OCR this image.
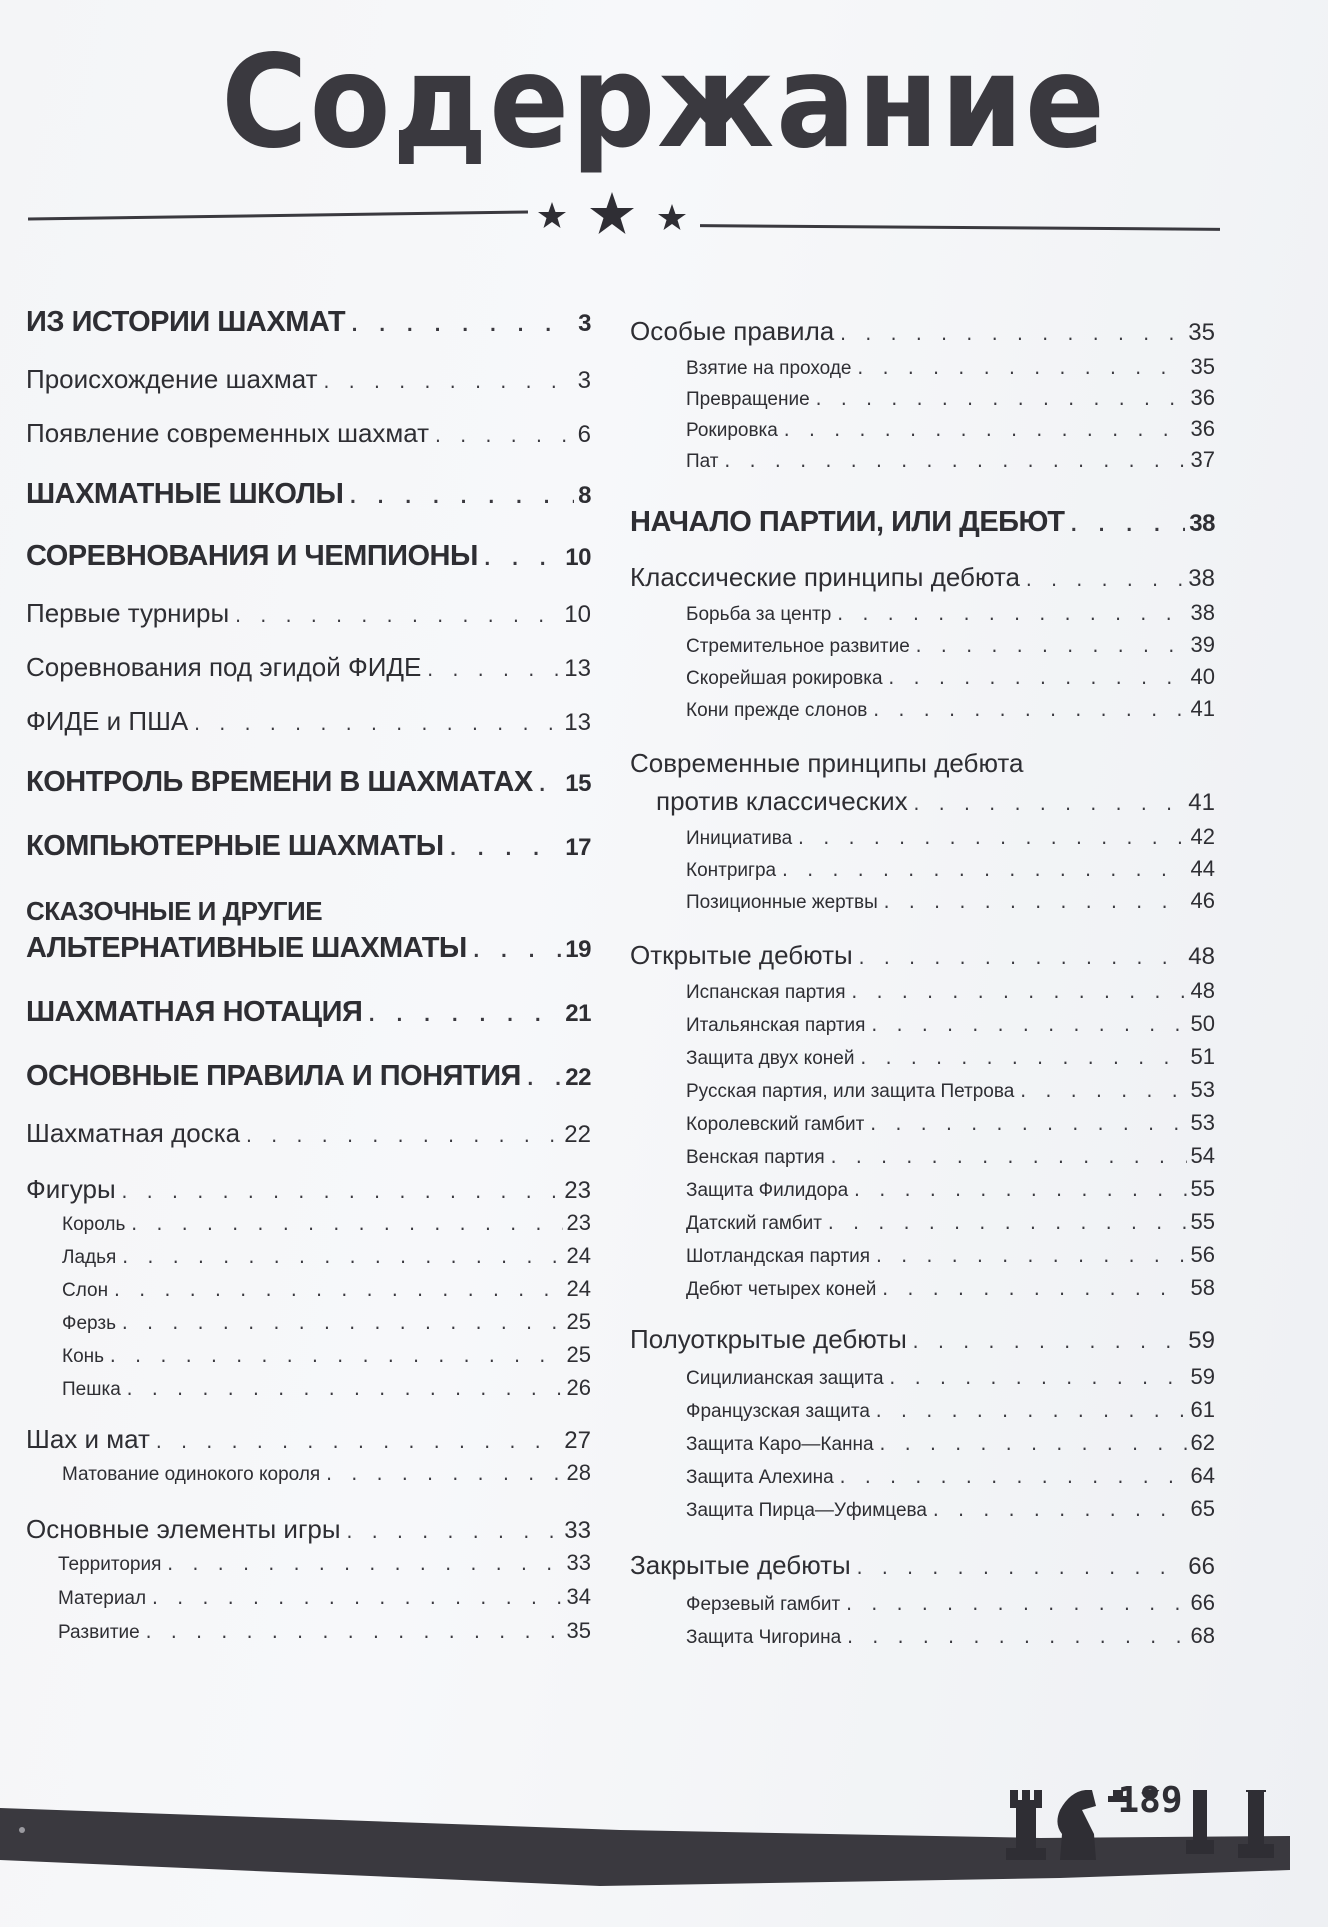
Содержание
ИЗ ИСТОРИИ ШАХМАТ . . .	3
Происхождение шахмат . . .	3
Появление современных шахмат . . .	6
ШАХМАТНЫЕ ШКОЛЫ . . .	8
СОРЕВНОВАНИЯ И ЧЕМПИОНЫ . . .	10
Первые турниры . . .	10
Соревнования под эгидой ФИДЕ . . .	13
ФИДЕ и ПША . . .	13
КОНТРОЛЬ ВРЕМЕНИ В ШАХМАТАХ . . . 15
КОМПЬЮТЕРНЫЕ ШАХМАТЫ . . .	17
СКАЗОЧНЫЕ И ДРУГИЕ
АЛЬТЕРНАТИВНЫЕ ШАХМАТЫ . . .	19
ШАХМАТНАЯ НОТАЦИЯ . . .	21
ОСНОВНЫЕ ПРАВИЛА И ПОНЯТИЯ . . . 22
Шахматная доска . . .	22
Фигуры . . .	23
Король . . .	23
Ладья . . .	24
Слон . . .	24
Ферзь . . .	25
Конь . . .	25
Пешка . . .	26
Шах и мат . . .	27
Матование одинокого короля . . .	28
Основные элементы игры . . .	33
Территория . . .	33
Материал . . .	34
Развитие . . .	35
Особые правила . . .	35
Взятие на проходе . . .	35
Превращение . . .	36
Рокировка . . .	36
Пат . . .	37
НАЧАЛО ПАРТИИ, ИЛИ ДЕБЮТ . . .	38
Классические принципы дебюта . . .	38
Борьба за центр . . .	38
Стремительное развитие . . .	39
Скорейшая рокировка . . .	40
Кони прежде слонов . . .	41
Современные принципы дебюта
против классических . . .	41
Инициатива . . .	42
Контригра . . .	44
Позиционные жертвы . . .	46
Открытые дебюты . . .	48
Испанская партия . . .	48
Итальянская партия . . .	50
Защита двух коней . . .	51
Русская партия, или защита Петрова . . .	53
Королевский гамбит . . .	53
Венская партия . . .	54
Защита Филидора . . .	55
Датский гамбит . . .	55
Шотландская партия . . .	56
Дебют четырех коней . . .	58
Полуоткрытые дебюты . . .	59
Сицилианская защита . . .	59
Французская защита . . .	61
Защита Каро—Канна . . .	62
Защита Алехина . . .	64
Защита Пирца—Уфимцева . . .	65
Закрытые дебюты . . .	66
Ферзевый гамбит . . .	66
Защита Чигорина . . .	68
189
